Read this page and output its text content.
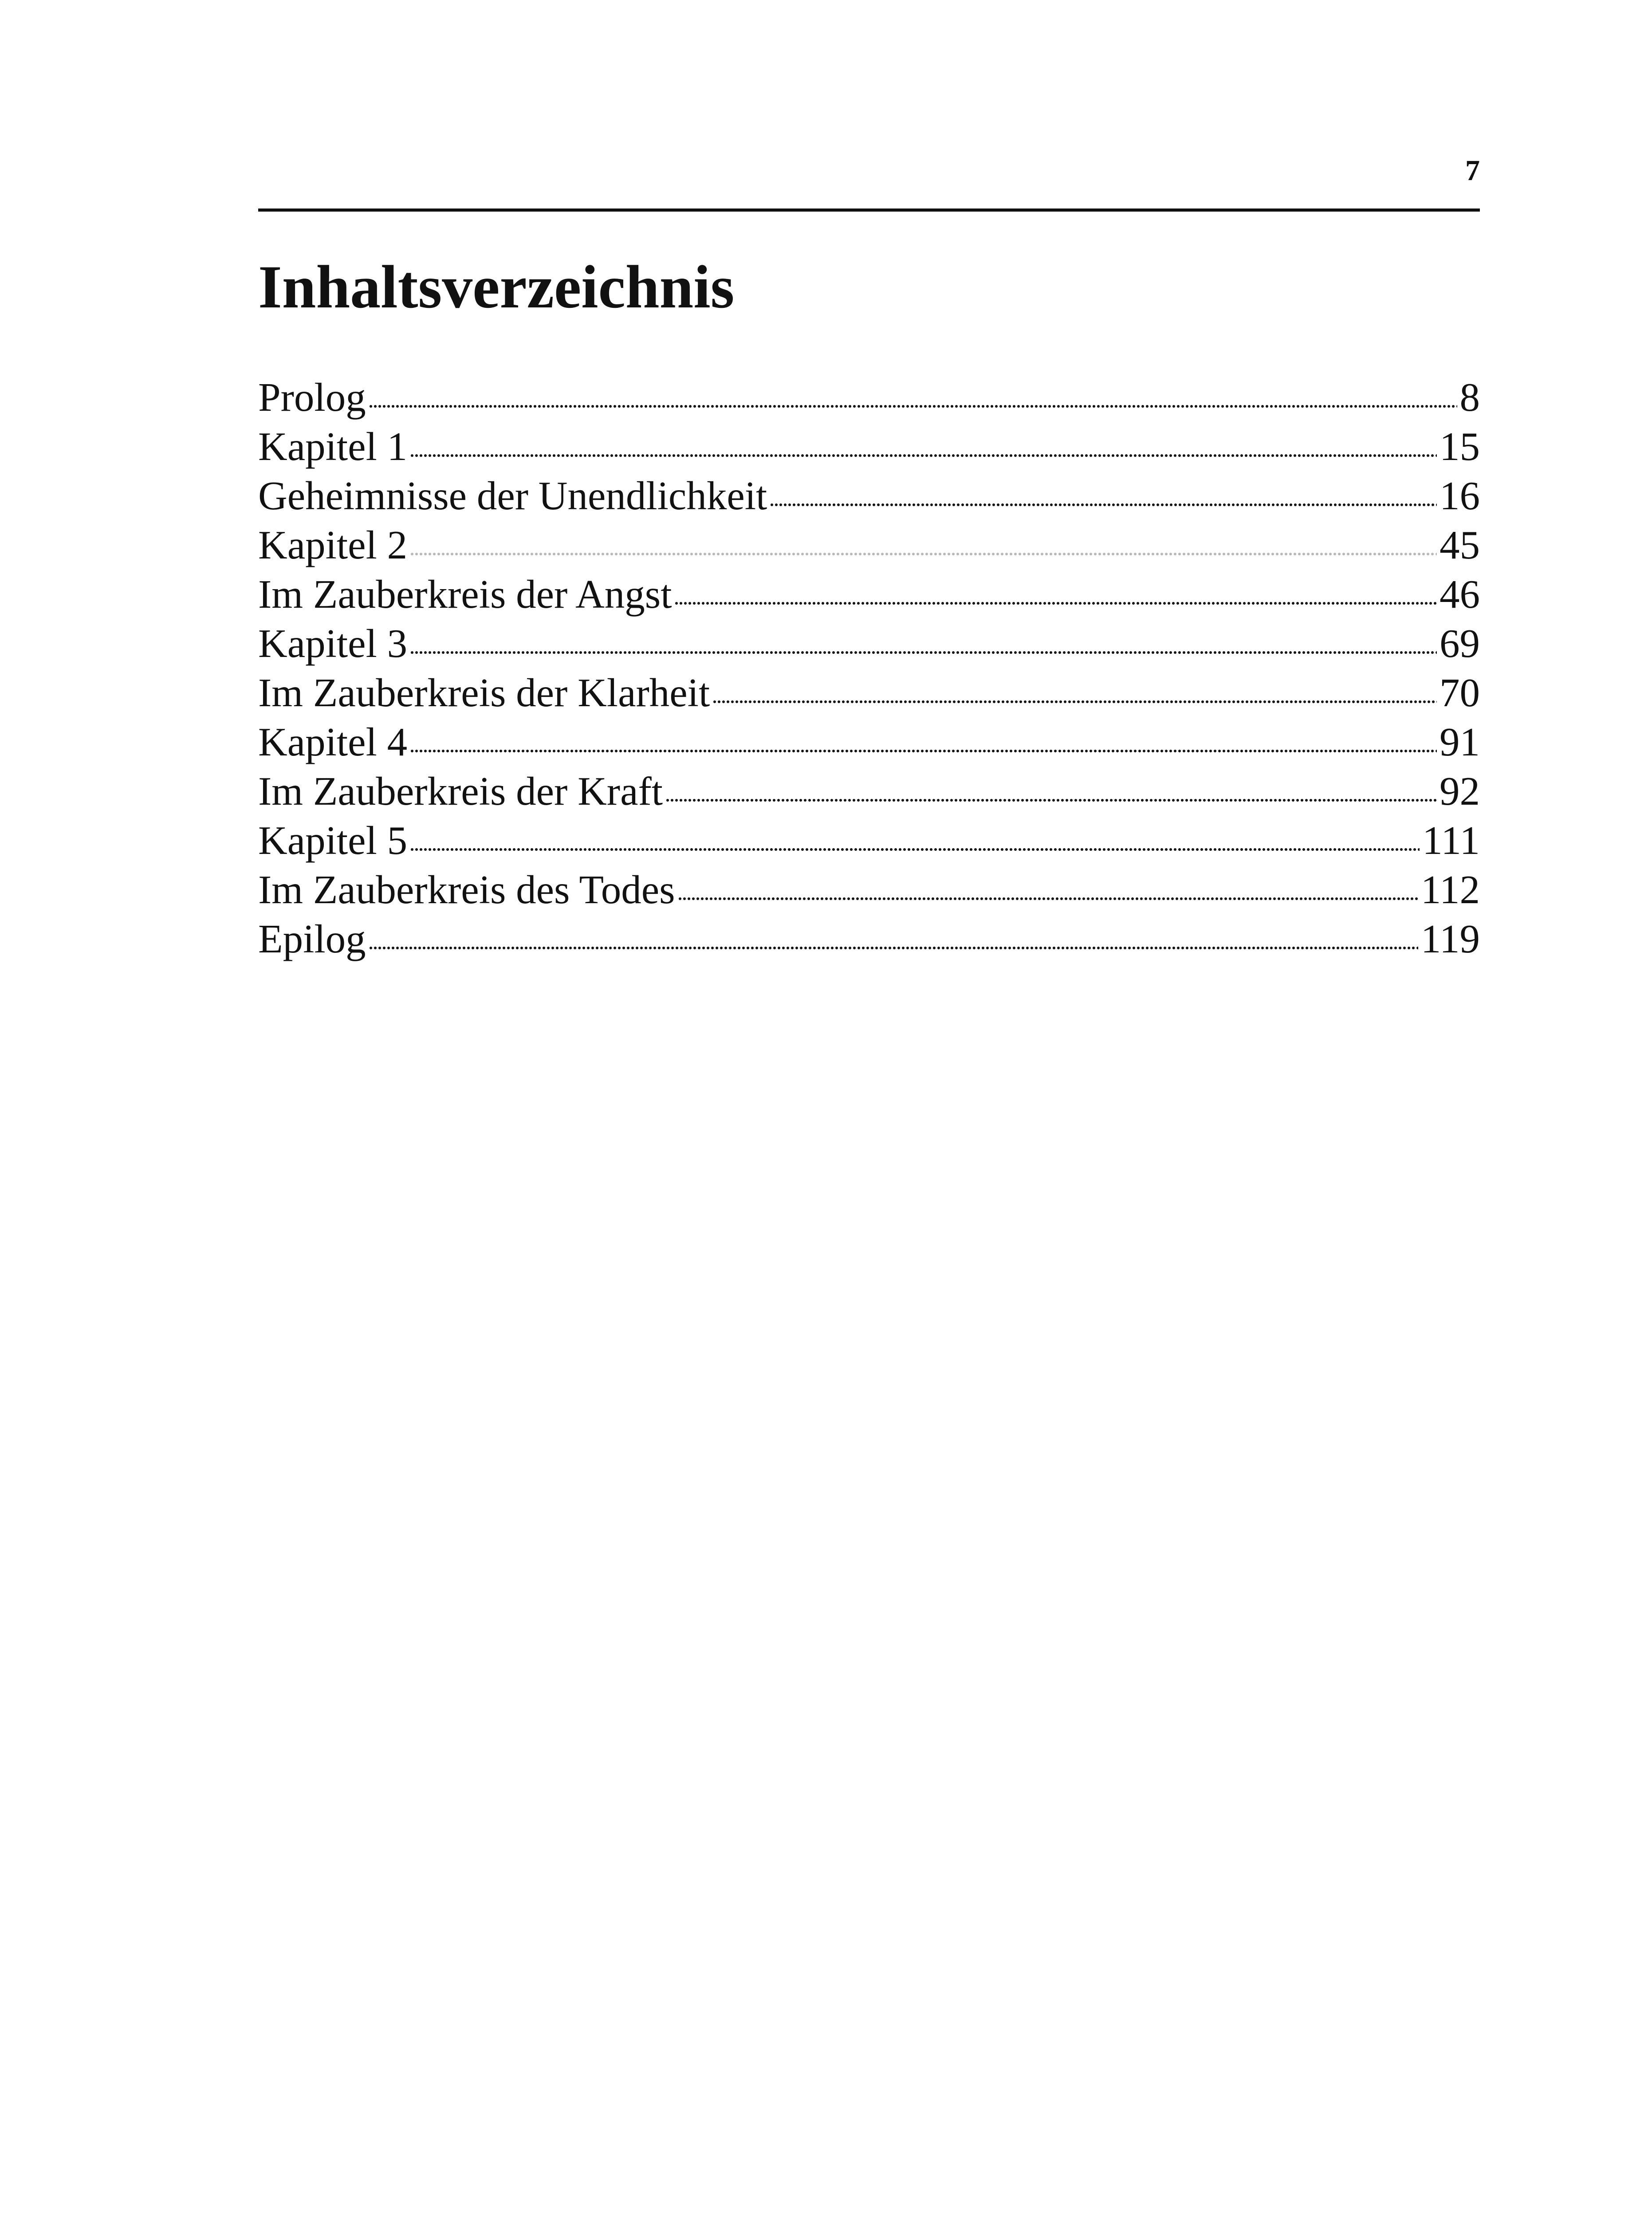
7
Inhaltsverzeichnis
Prolog	8
Kapitel 1	15
Geheimnisse der Unendlichkeit	16
Kapitel 2	45
Im Zauberkreis der Angst	46
Kapitel 3	69
Im Zauberkreis der Klarheit	70
Kapitel 4	91
Im Zauberkreis der Kraft	92
Kapitel 5	111
Im Zauberkreis des Todes	112
Epilog	119
